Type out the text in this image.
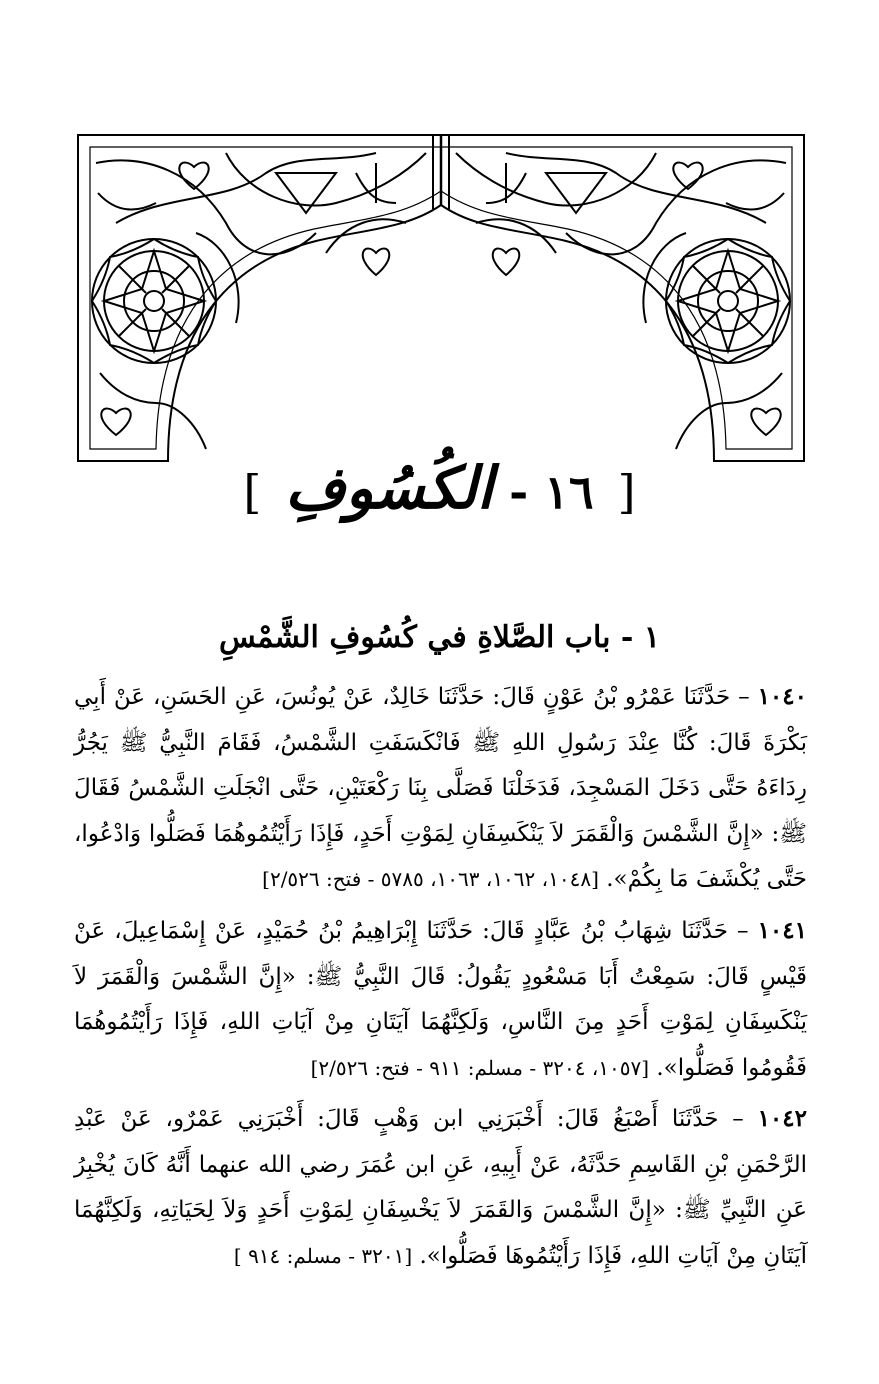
[ ١٦ - الكُسُوفِ ]
١ - باب الصَّلاةِ في كُسُوفِ الشَّمْسِ
١٠٤٠ – حَدَّثَنَا عَمْرُو بْنُ عَوْنٍ قَالَ: حَدَّثَنَا خَالِدٌ، عَنْ يُونُسَ، عَنِ الحَسَنِ، عَنْ أَبِي بَكْرَةَ قَالَ: كُنَّا عِنْدَ رَسُولِ اللهِ ﷺ فَانْكَسَفَتِ الشَّمْسُ، فَقَامَ النَّبِيُّ ﷺ يَجُرُّ رِدَاءَهُ حَتَّى دَخَلَ المَسْجِدَ، فَدَخَلْنَا فَصَلَّى بِنَا رَكْعَتَيْنِ، حَتَّى انْجَلَتِ الشَّمْسُ فَقَالَ ﷺ: «إِنَّ الشَّمْسَ وَالْقَمَرَ لاَ يَنْكَسِفَانِ لِمَوْتِ أَحَدٍ، فَإِذَا رَأَيْتُمُوهُمَا فَصَلُّوا وَادْعُوا، حَتَّى يُكْشَفَ مَا بِكُمْ». [١٠٤٨، ١٠٦٢، ١٠٦٣، ٥٧٨٥ - فتح: ٢/٥٢٦]
١٠٤١ – حَدَّثَنَا شِهَابُ بْنُ عَبَّادٍ قَالَ: حَدَّثَنَا إِبْرَاهِيمُ بْنُ حُمَيْدٍ، عَنْ إِسْمَاعِيلَ، عَنْ قَيْسٍ قَالَ: سَمِعْتُ أَبَا مَسْعُودٍ يَقُولُ: قَالَ النَّبِيُّ ﷺ: «إِنَّ الشَّمْسَ وَالْقَمَرَ لاَ يَنْكَسِفَانِ لِمَوْتِ أَحَدٍ مِنَ النَّاسِ، وَلَكِنَّهُمَا آيَتَانِ مِنْ آيَاتِ اللهِ، فَإِذَا رَأَيْتُمُوهُمَا فَقُومُوا فَصَلُّوا». [١٠٥٧، ٣٢٠٤ - مسلم: ٩١١ - فتح: ٢/٥٢٦]
١٠٤٢ – حَدَّثَنَا أَصْبَغُ قَالَ: أَخْبَرَنِي ابن وَهْبٍ قَالَ: أَخْبَرَنِي عَمْرٌو، عَنْ عَبْدِ الرَّحْمَنِ بْنِ القَاسِمِ حَدَّثَهُ، عَنْ أَبِيهِ، عَنِ ابن عُمَرَ رضي الله عنهما أَنَّهُ كَانَ يُخْبِرُ عَنِ النَّبِيِّ ﷺ: «إِنَّ الشَّمْسَ وَالقَمَرَ لاَ يَخْسِفَانِ لِمَوْتِ أَحَدٍ وَلاَ لِحَيَاتِهِ، وَلَكِنَّهُمَا آيَتَانِ مِنْ آيَاتِ اللهِ، فَإِذَا رَأَيْتُمُوهَا فَصَلُّوا». [٣٢٠١ - مسلم: ٩١٤ ]
